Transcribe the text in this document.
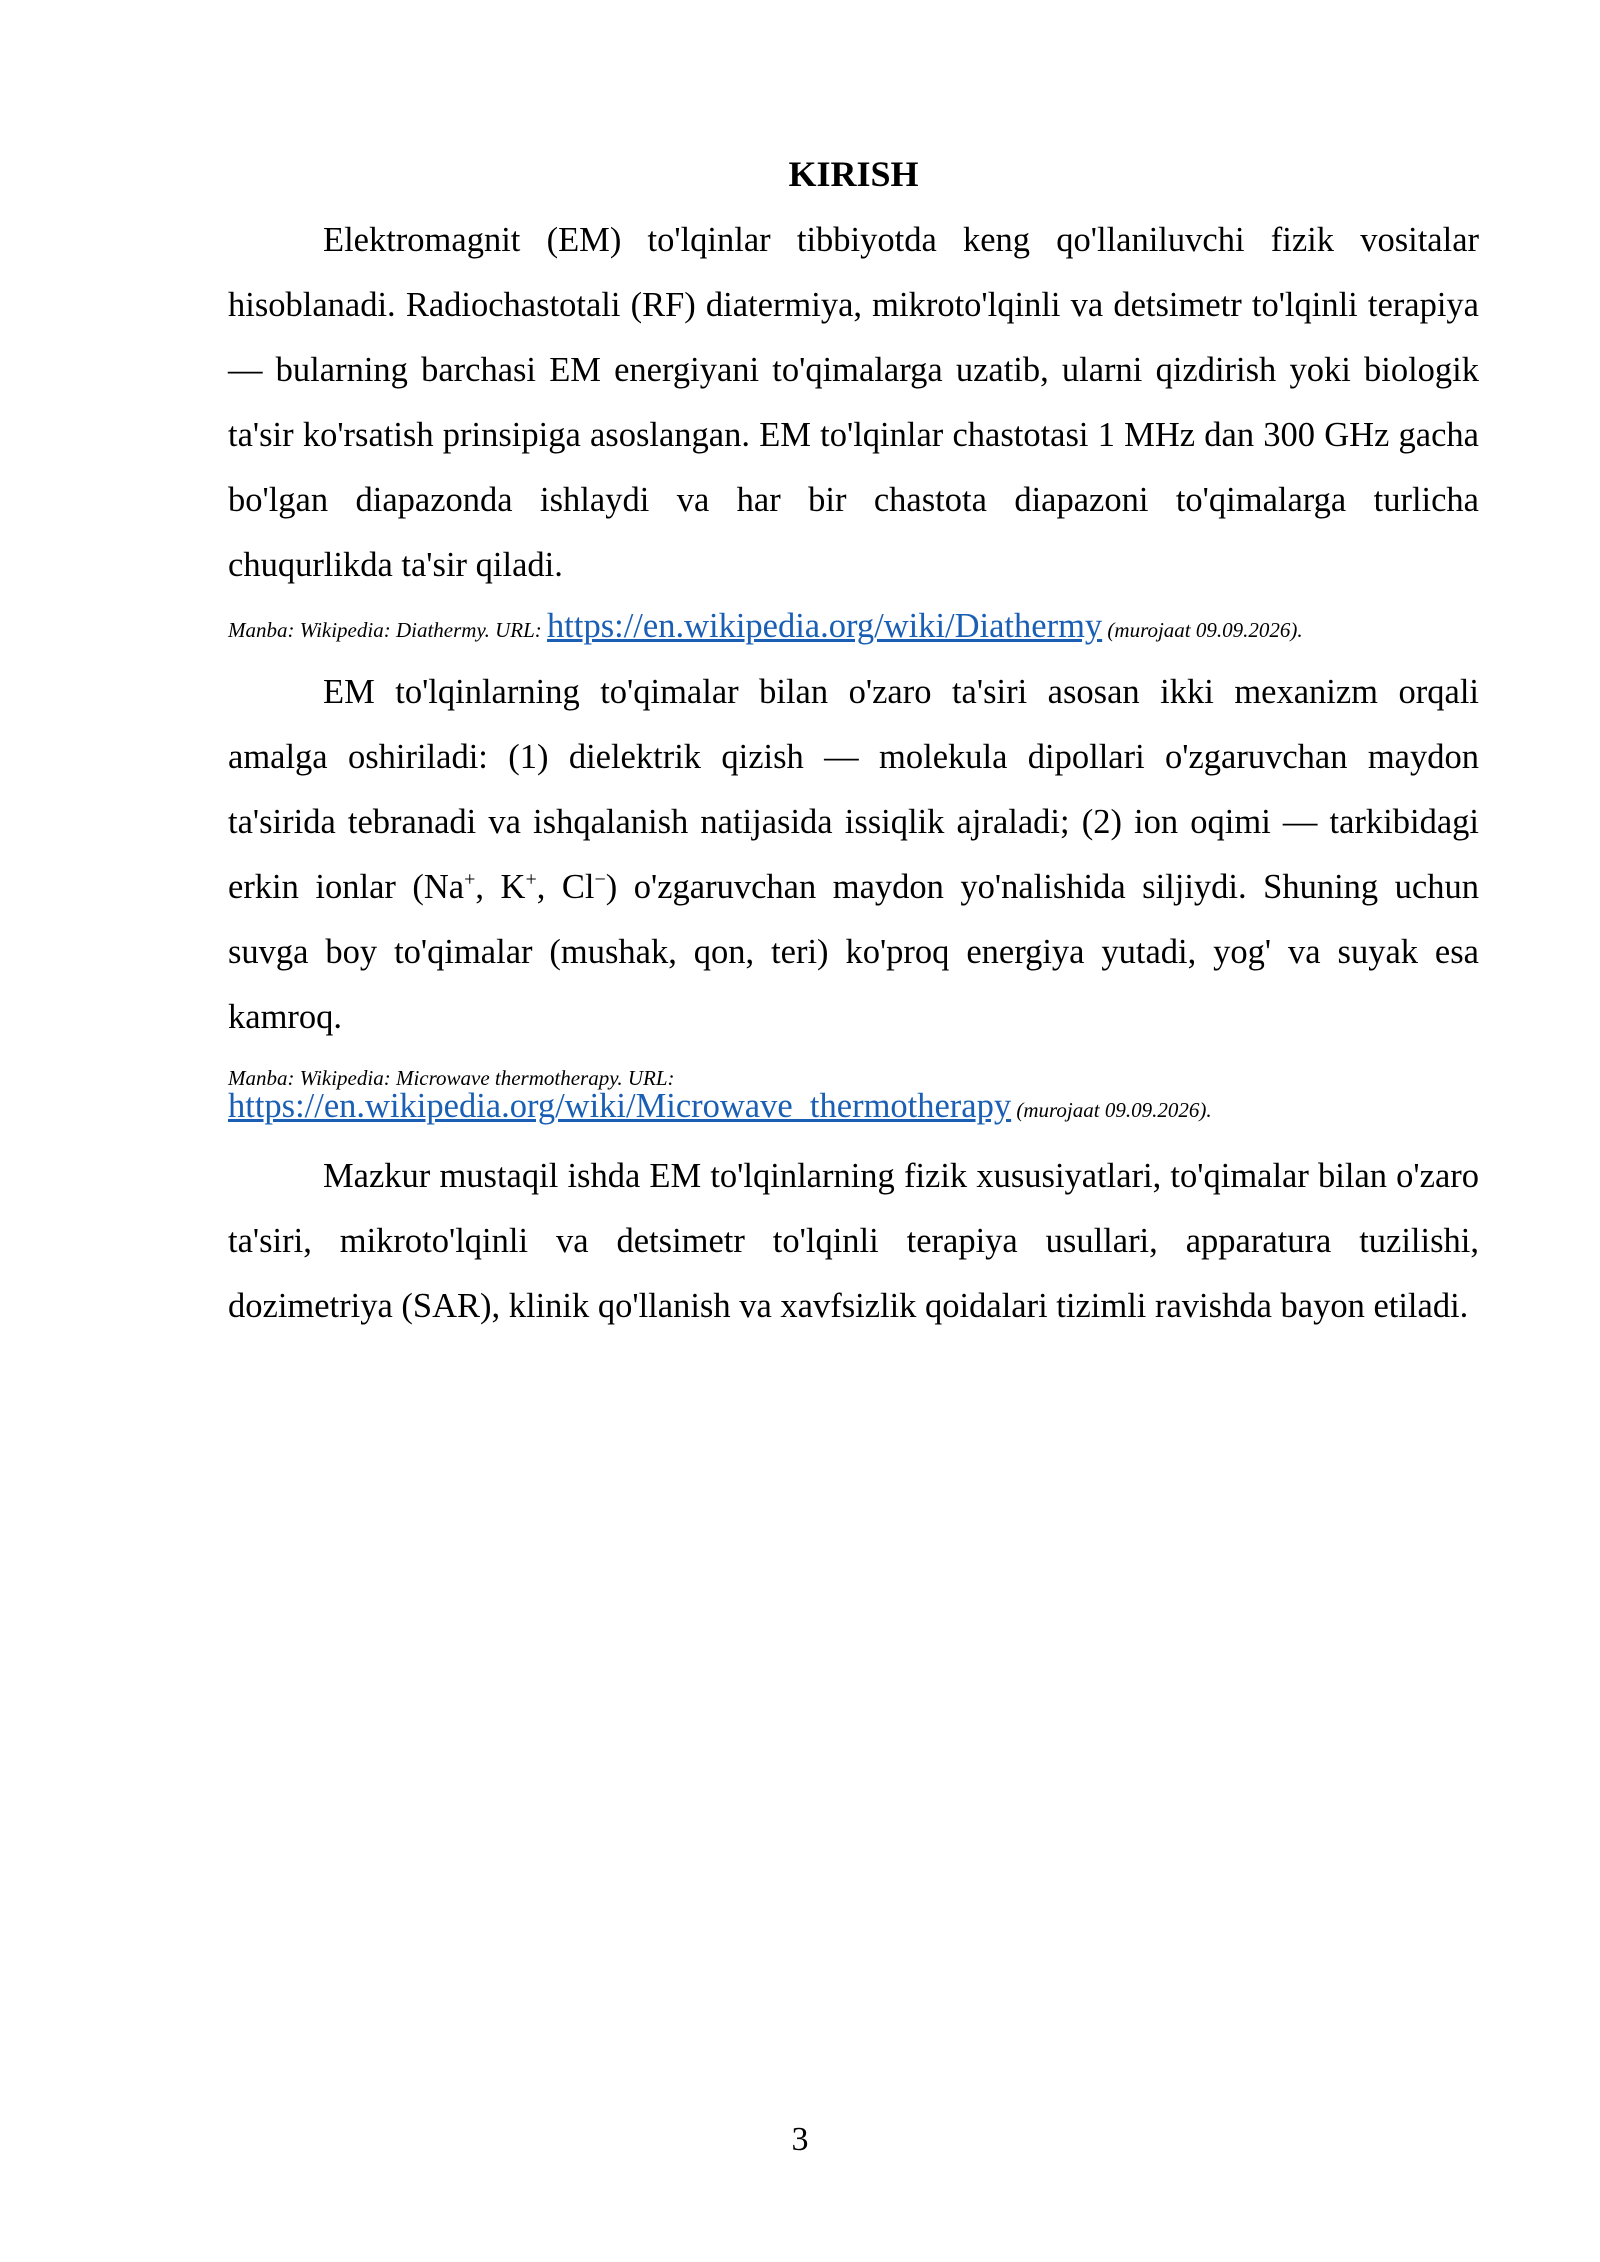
KIRISH

Elektromagnit (EM) to'lqinlar tibbiyotda keng qo'llaniluvchi fizik vositalar hisoblanadi. Radiochastotali (RF) diatermiya, mikroto'lqinli va detsimetr to'lqinli terapiya — bularning barchasi EM energiyani to'qimalarga uzatib, ularni qizdirish yoki biologik ta'sir ko'rsatish prinsipiga asoslangan. EM to'lqinlar chastotasi 1 MHz dan 300 GHz gacha bo'lgan diapazonda ishlaydi va har bir chastota diapazoni to'qimalarga turlicha chuqurlikda ta'sir qiladi.

Manba: Wikipedia: Diathermy. URL: https://en.wikipedia.org/wiki/Diathermy (murojaat 09.09.2026).

EM to'lqinlarning to'qimalar bilan o'zaro ta'siri asosan ikki mexanizm orqali amalga oshiriladi: (1) dielektrik qizish — molekula dipollari o'zgaruvchan maydon ta'sirida tebranadi va ishqalanish natijasida issiqlik ajraladi; (2) ion oqimi — tarkibidagi erkin ionlar (Na+, K+, Cl−) o'zgaruvchan maydon yo'nalishida siljiydi. Shuning uchun suvga boy to'qimalar (mushak, qon, teri) ko'proq energiya yutadi, yog' va suyak esa kamroq.

Manba: Wikipedia: Microwave thermotherapy. URL:
https://en.wikipedia.org/wiki/Microwave_thermotherapy (murojaat 09.09.2026).

Mazkur mustaqil ishda EM to'lqinlarning fizik xususiyatlari, to'qimalar bilan o'zaro ta'siri, mikroto'lqinli va detsimetr to'lqinli terapiya usullari, apparatura tuzilishi, dozimetriya (SAR), klinik qo'llanish va xavfsizlik qoidalari tizimli ravishda bayon etiladi.

3
